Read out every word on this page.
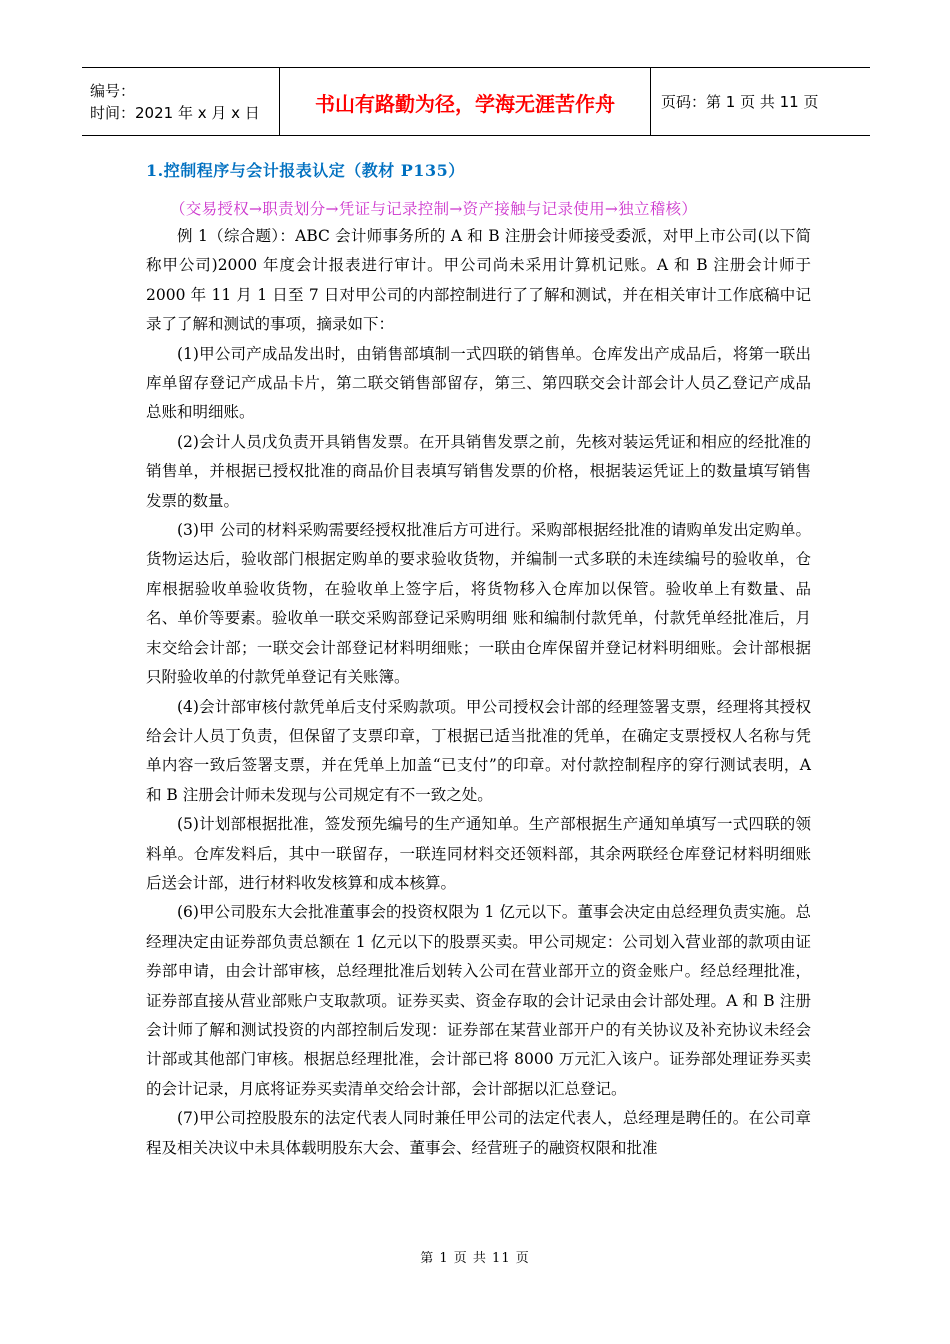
编号：
时间：2021 年 x 月 x 日	书山有路勤为径，学海无涯苦作舟	页码：第 1 页 共 11 页
1.控制程序与会计报表认定（教材 P135）
（交易授权→职责划分→凭证与记录控制→资产接触与记录使用→独立稽核）

例 1（综合题）：ABC 会计师事务所的 A 和 B 注册会计师接受委派，对甲上市公司(以下简称甲公司)2000 年度会计报表进行审计。甲公司尚未采用计算机记账。A 和 B 注册会计师于 2000 年 11 月 1 日至 7 日对甲公司的内部控制进行了了解和测试，并在相关审计工作底稿中记录了了解和测试的事项，摘录如下：

(1)甲公司产成品发出时，由销售部填制一式四联的销售单。仓库发出产成品后，将第一联出库单留存登记产成品卡片，第二联交销售部留存，第三、第四联交会计部会计人员乙登记产成品总账和明细账。

(2)会计人员戊负责开具销售发票。在开具销售发票之前，先核对装运凭证和相应的经批准的销售单，并根据已授权批准的商品价目表填写销售发票的价格，根据装运凭证上的数量填写销售发票的数量。

(3)甲 公司的材料采购需要经授权批准后方可进行。采购部根据经批准的请购单发出定购单。货物运达后，验收部门根据定购单的要求验收货物，并编制一式多联的未连续编号的验收单，仓库根据验收单验收货物，在验收单上签字后，将货物移入仓库加以保管。验收单上有数量、品名、单价等要素。验收单一联交采购部登记采购明细 账和编制付款凭单，付款凭单经批准后，月末交给会计部；一联交会计部登记材料明细账；一联由仓库保留并登记材料明细账。会计部根据只附验收单的付款凭单登记有关账簿。

(4)会计部审核付款凭单后支付采购款项。甲公司授权会计部的经理签署支票，经理将其授权给会计人员丁负责，但保留了支票印章，丁根据已适当批准的凭单，在确定支票授权人名称与凭单内容一致后签署支票，并在凭单上加盖“已支付”的印章。对付款控制程序的穿行测试表明，A 和 B 注册会计师未发现与公司规定有不一致之处。

(5)计划部根据批准，签发预先编号的生产通知单。生产部根据生产通知单填写一式四联的领料单。仓库发料后，其中一联留存，一联连同材料交还领料部，其余两联经仓库登记材料明细账后送会计部，进行材料收发核算和成本核算。

(6)甲公司股东大会批准董事会的投资权限为 1 亿元以下。董事会决定由总经理负责实施。总经理决定由证券部负责总额在 1 亿元以下的股票买卖。甲公司规定：公司划入营业部的款项由证券部申请，由会计部审核，总经理批准后划转入公司在营业部开立的资金账户。经总经理批准，证券部直接从营业部账户支取款项。证券买卖、资金存取的会计记录由会计部处理。A 和 B 注册会计师了解和测试投资的内部控制后发现：证券部在某营业部开户的有关协议及补充协议未经会计部或其他部门审核。根据总经理批准，会计部已将 8000 万元汇入该户。证券部处理证券买卖的会计记录，月底将证券买卖清单交给会计部，会计部据以汇总登记。

(7)甲公司控股股东的法定代表人同时兼任甲公司的法定代表人，总经理是聘任的。在公司章程及相关决议中未具体载明股东大会、董事会、经营班子的融资权限和批准

第 1 页 共 11 页
